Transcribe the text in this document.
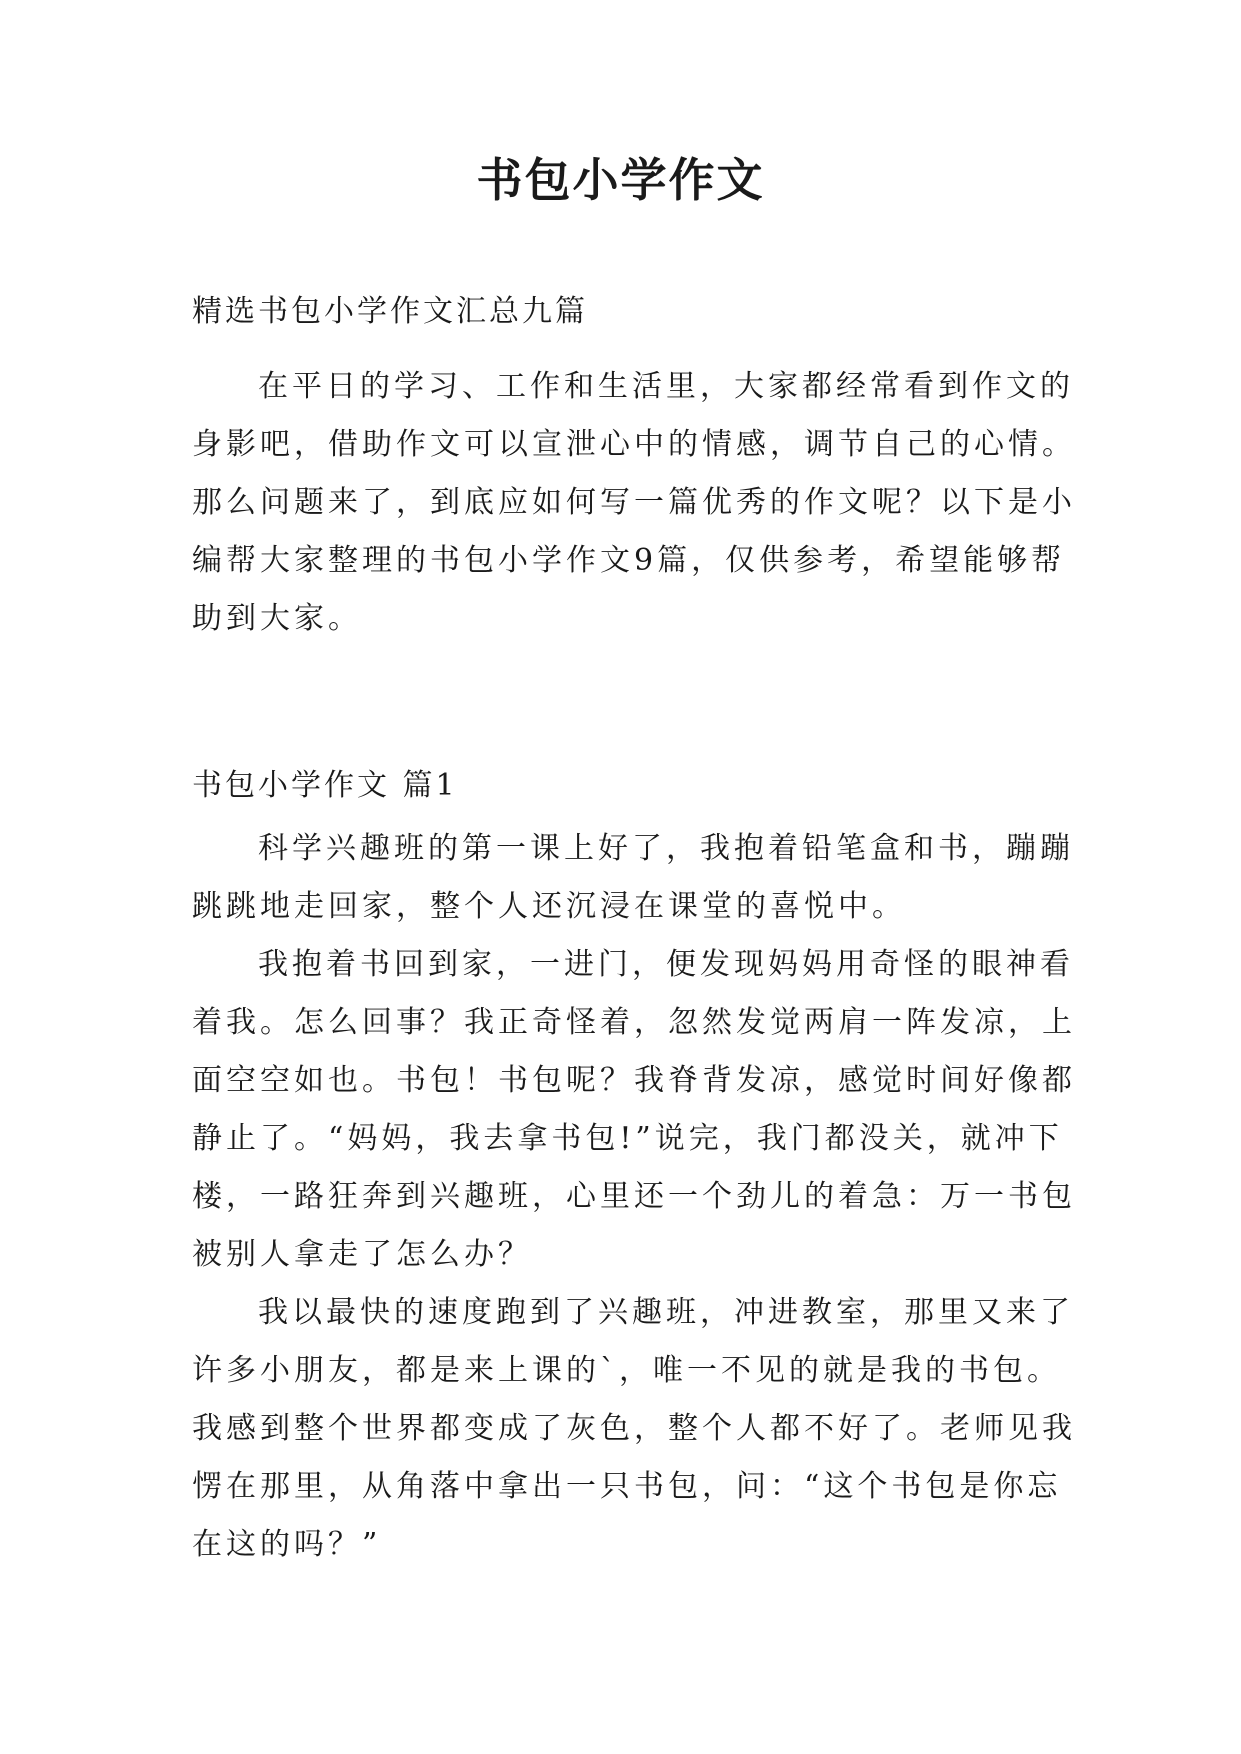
书包小学作文
精选书包小学作文汇总九篇
在平日的学习、工作和生活里，大家都经常看到作文的
身影吧，借助作文可以宣泄心中的情感，调节自己的心情。
那么问题来了，到底应如何写一篇优秀的作文呢？以下是小
编帮大家整理的书包小学作文9篇，仅供参考，希望能够帮
助到大家。
书包小学作文 篇1
科学兴趣班的第一课上好了，我抱着铅笔盒和书，蹦蹦
跳跳地走回家，整个人还沉浸在课堂的喜悦中。
我抱着书回到家，一进门，便发现妈妈用奇怪的眼神看
着我。怎么回事？我正奇怪着，忽然发觉两肩一阵发凉，上
面空空如也。书包！书包呢？我脊背发凉，感觉时间好像都
静止了。“妈妈，我去拿书包!”说完，我门都没关，就冲下
楼，一路狂奔到兴趣班，心里还一个劲儿的着急：万一书包
被别人拿走了怎么办？
我以最快的速度跑到了兴趣班，冲进教室，那里又来了
许多小朋友，都是来上课的`，唯一不见的就是我的书包。
我感到整个世界都变成了灰色，整个人都不好了。老师见我
愣在那里，从角落中拿出一只书包，问：“这个书包是你忘
在这的吗？”
